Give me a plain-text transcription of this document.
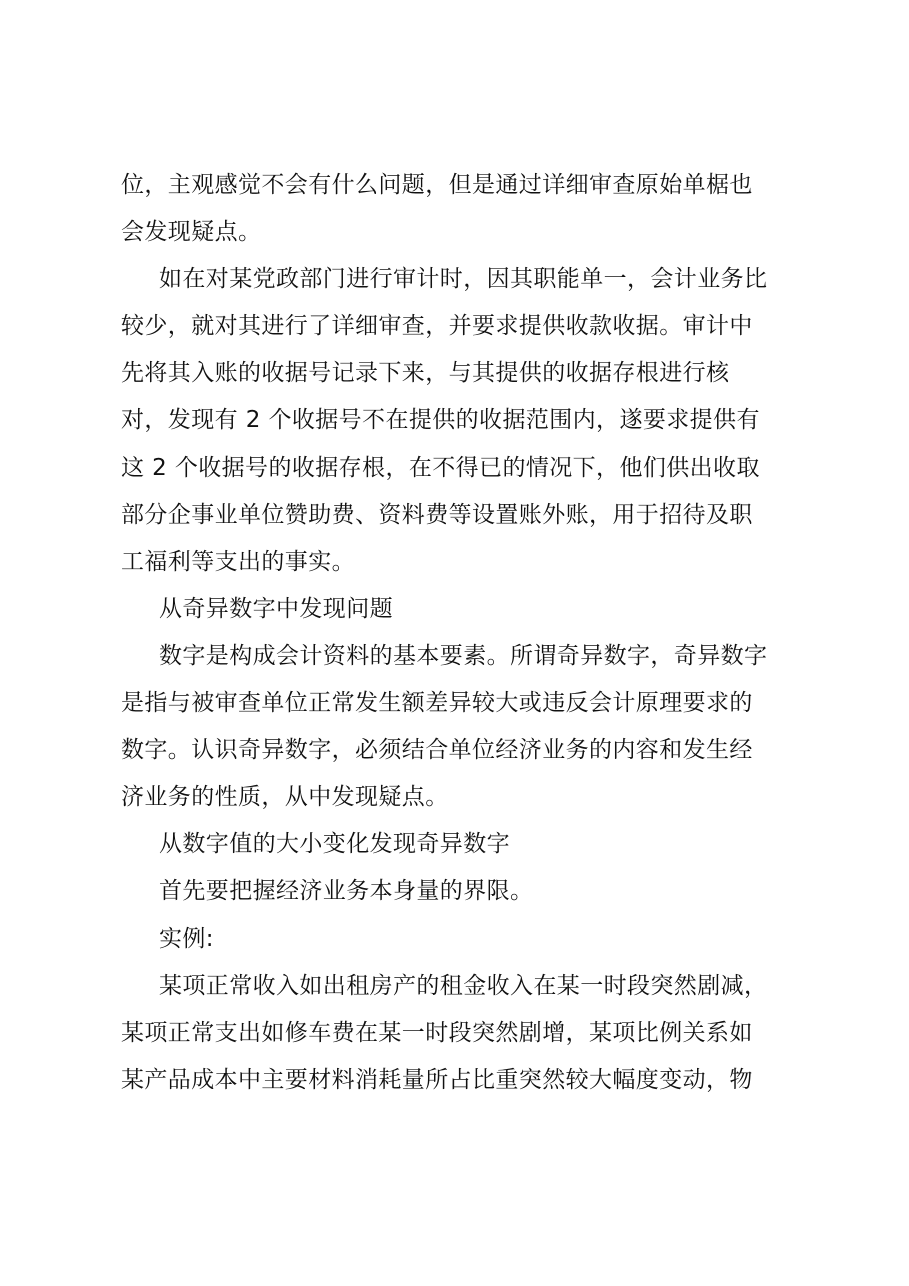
位，主观感觉不会有什么问题，但是通过详细审查原始单椐也
会发现疑点。
如在对某党政部门进行审计时，因其职能单一，会计业务比
较少，就对其进行了详细审查，并要求提供收款收据。审计中
先将其入账的收据号记录下来，与其提供的收据存根进行核
对，发现有 2 个收据号不在提供的收据范围内，遂要求提供有
这 2 个收据号的收据存根，在不得已的情况下，他们供出收取
部分企事业单位赞助费、资料费等设置账外账，用于招待及职
工福利等支出的事实。
从奇异数字中发现问题
数字是构成会计资料的基本要素。所谓奇异数字，奇异数字
是指与被审查单位正常发生额差异较大或违反会计原理要求的
数字。认识奇异数字，必须结合单位经济业务的内容和发生经
济业务的性质，从中发现疑点。
从数字值的大小变化发现奇异数字
首先要把握经济业务本身量的界限。
实例:
某项正常收入如出租房产的租金收入在某一时段突然剧减，
某项正常支出如修车费在某一时段突然剧增，某项比例关系如
某产品成本中主要材料消耗量所占比重突然较大幅度变动，物
